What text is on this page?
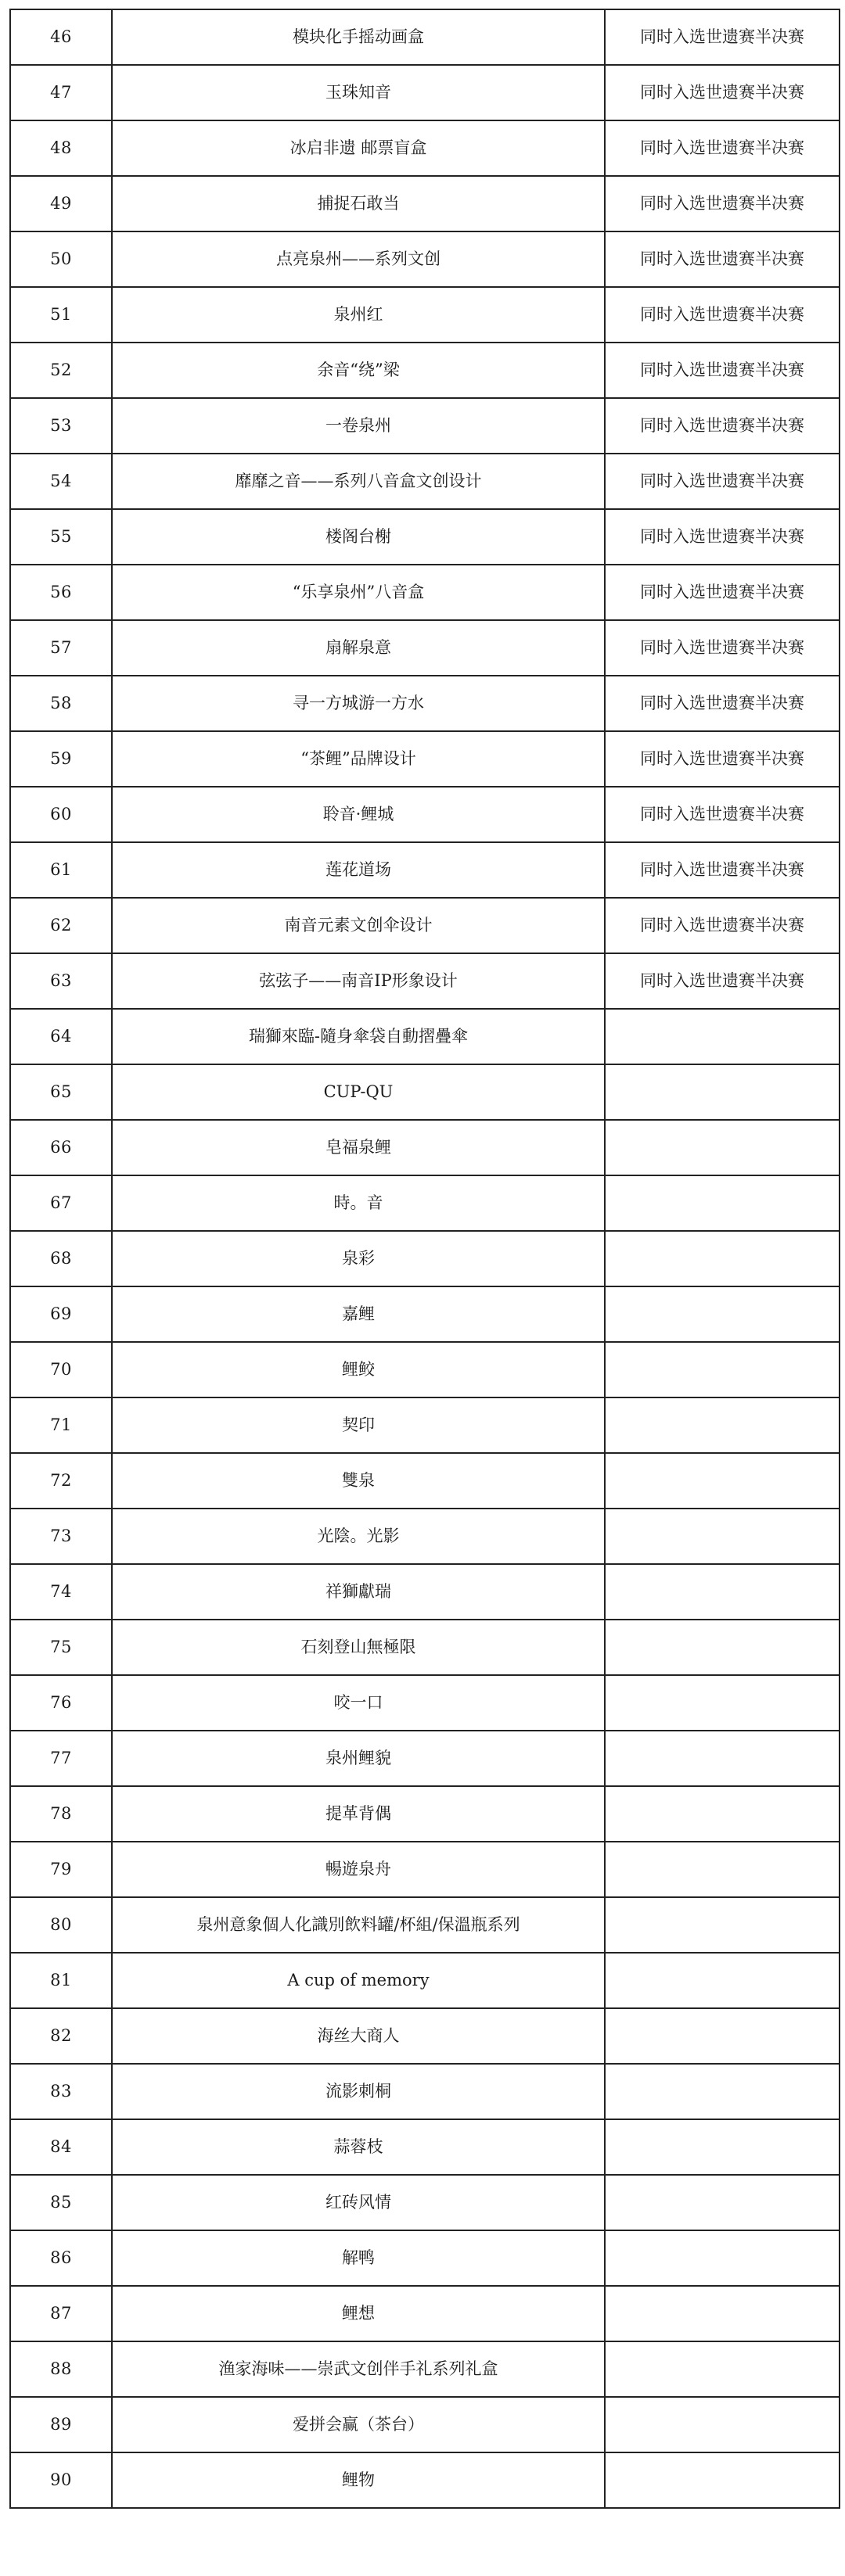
46	模块化手摇动画盒	同时入选世遗赛半决赛
47	玉珠知音	同时入选世遗赛半决赛
48	冰启非遗 邮票盲盒	同时入选世遗赛半决赛
49	捕捉石敢当	同时入选世遗赛半决赛
50	点亮泉州——系列文创	同时入选世遗赛半决赛
51	泉州红	同时入选世遗赛半决赛
52	余音“绕”梁	同时入选世遗赛半决赛
53	一卷泉州	同时入选世遗赛半决赛
54	靡靡之音——系列八音盒文创设计	同时入选世遗赛半决赛
55	楼阁台榭	同时入选世遗赛半决赛
56	“乐享泉州”八音盒	同时入选世遗赛半决赛
57	扇解泉意	同时入选世遗赛半决赛
58	寻一方城游一方水	同时入选世遗赛半决赛
59	“茶鲤”品牌设计	同时入选世遗赛半决赛
60	聆音·鲤城	同时入选世遗赛半决赛
61	莲花道场	同时入选世遗赛半决赛
62	南音元素文创伞设计	同时入选世遗赛半决赛
63	弦弦子——南音IP形象设计	同时入选世遗赛半决赛
64	瑞獅來臨-隨身傘袋自動摺疊傘	
65	CUP-QU	
66	皂福泉鲤	
67	時。音	
68	泉彩	
69	嘉鲤	
70	鲤鲛	
71	契印	
72	雙泉	
73	光陰。光影	
74	祥獅獻瑞	
75	石刻登山無極限	
76	咬一口	
77	泉州鲤貌	
78	提革背偶	
79	暢遊泉舟	
80	泉州意象個人化識別飲料罐/杯組/保溫瓶系列	
81	A cup of memory	
82	海丝大商人	
83	流影刺桐	
84	蒜蓉枝	
85	红砖风情	
86	解鸭	
87	鲤想	
88	渔家海味——崇武文创伴手礼系列礼盒	
89	爱拼会赢（茶台）	
90	鲤物	
